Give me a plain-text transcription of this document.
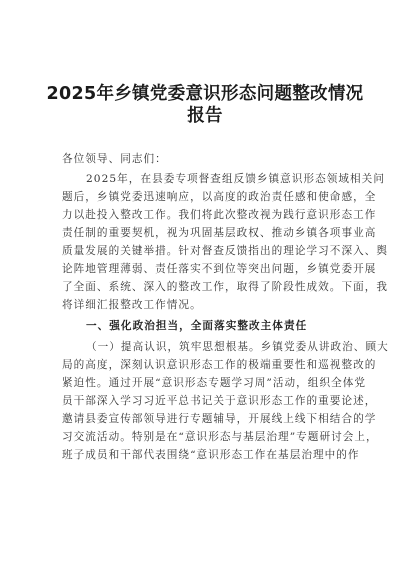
2025年乡镇党委意识形态问题整改情况
报告
各位领导、同志们：
2025年，在县委专项督查组反馈乡镇意识形态领域相关问
题后，乡镇党委迅速响应，以高度的政治责任感和使命感，全
力以赴投入整改工作。我们将此次整改视为践行意识形态工作
责任制的重要契机，视为巩固基层政权、推动乡镇各项事业高
质量发展的关键举措。针对督查反馈指出的理论学习不深入、舆
论阵地管理薄弱、责任落实不到位等突出问题，乡镇党委开展
了全面、系统、深入的整改工作，取得了阶段性成效。下面，我
将详细汇报整改工作情况。
一、强化政治担当，全面落实整改主体责任
（一）提高认识，筑牢思想根基。乡镇党委从讲政治、顾大
局的高度，深刻认识意识形态工作的极端重要性和巡视整改的
紧迫性。通过开展“意识形态专题学习周”活动，组织全体党
员干部深入学习习近平总书记关于意识形态工作的重要论述，
邀请县委宣传部领导进行专题辅导，开展线上线下相结合的学
习交流活动。特别是在“意识形态与基层治理”专题研讨会上，
班子成员和干部代表围绕“意识形态工作在基层治理中的作
